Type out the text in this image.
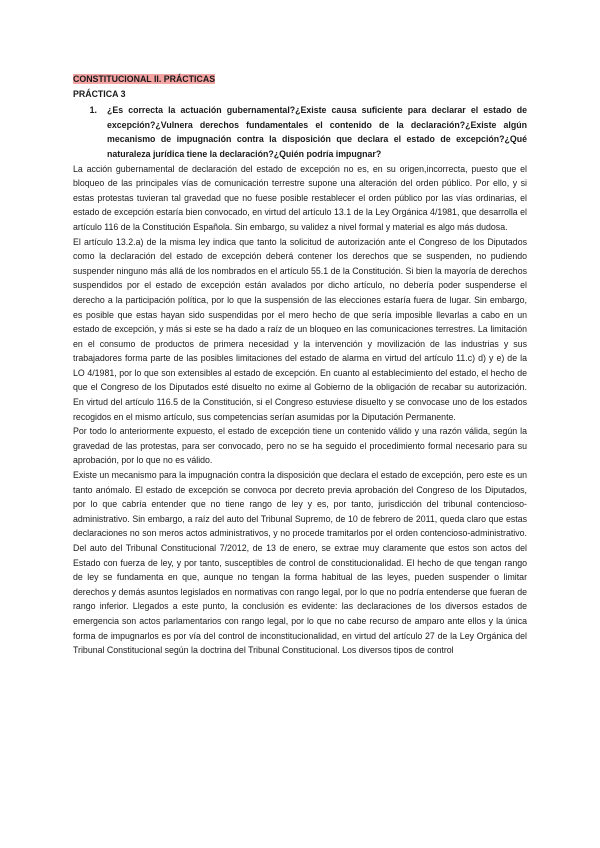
CONSTITUCIONAL II. PRÁCTICAS
PRÁCTICA 3
1.	¿Es correcta la actuación gubernamental?¿Existe causa suficiente para declarar el estado de excepción?¿Vulnera derechos fundamentales el contenido de la declaración?¿Existe algún mecanismo de impugnación contra la disposición que declara el estado de excepción?¿Qué naturaleza jurídica tiene la declaración?¿Quién podría impugnar?

La acción gubernamental de declaración del estado de excepción no es, en su origen,incorrecta, puesto que el bloqueo de las principales vías de comunicación terrestre supone una alteración del orden público. Por ello, y si estas protestas tuvieran tal gravedad que no fuese posible restablecer el orden público por las vías ordinarias, el estado de excepción estaría bien convocado, en virtud del artículo 13.1 de la Ley Orgánica 4/1981, que desarrolla el artículo 116 de la Constitución Española. Sin embargo, su validez a nivel formal y material es algo más dudosa.

El artículo 13.2.a) de la misma ley indica que tanto la solicitud de autorización ante el Congreso de los Diputados como la declaración del estado de excepción deberá contener los derechos que se suspenden, no pudiendo suspender ninguno más allá de los nombrados en el artículo 55.1 de la Constitución. Si bien la mayoría de derechos suspendidos por el estado de excepción están avalados por dicho artículo, no debería poder suspenderse el derecho a la participación política, por lo que la suspensión de las elecciones estaría fuera de lugar. Sin embargo, es posible que estas hayan sido suspendidas por el mero hecho de que sería imposible llevarlas a cabo en un estado de excepción, y más si este se ha dado a raíz de un bloqueo en las comunicaciones terrestres. La limitación en el consumo de productos de primera necesidad y la intervención y movilización de las industrias y sus trabajadores forma parte de las posibles limitaciones del estado de alarma en virtud del artículo 11.c) d) y e) de la LO 4/1981, por lo que son extensibles al estado de excepción. En cuanto al establecimiento del estado, el hecho de que el Congreso de los Diputados esté disuelto no exime al Gobierno de la obligación de recabar su autorización. En virtud del artículo 116.5 de la Constitución, si el Congreso estuviese disuelto y se convocase uno de los estados recogidos en el mismo artículo, sus competencias serían asumidas por la Diputación Permanente.

Por todo lo anteriormente expuesto, el estado de excepción tiene un contenido válido y una razón válida, según la gravedad de las protestas, para ser convocado, pero no se ha seguido el procedimiento formal necesario para su aprobación, por lo que no es válido.

Existe un mecanismo para la impugnación contra la disposición que declara el estado de excepción, pero este es un tanto anómalo. El estado de excepción se convoca por decreto previa aprobación del Congreso de los Diputados, por lo que cabría entender que no tiene rango de ley y es, por tanto, jurisdicción del tribunal contencioso-administrativo. Sin embargo, a raíz del auto del Tribunal Supremo, de 10 de febrero de 2011, queda claro que estas declaraciones no son meros actos administrativos, y no procede tramitarlos por el orden contencioso-administrativo. Del auto del Tribunal Constitucional 7/2012, de 13 de enero, se extrae muy claramente que estos son actos del Estado con fuerza de ley, y por tanto, susceptibles de control de constitucionalidad. El hecho de que tengan rango de ley se fundamenta en que, aunque no tengan la forma habitual de las leyes, pueden suspender o limitar derechos y demás asuntos legislados en normativas con rango legal, por lo que no podría entenderse que fueran de rango inferior. Llegados a este punto, la conclusión es evidente: las declaraciones de los diversos estados de emergencia son actos parlamentarios con rango legal, por lo que no cabe recurso de amparo ante ellos y la única forma de impugnarlos es por vía del control de inconstitucionalidad, en virtud del artículo 27 de la Ley Orgánica del Tribunal Constitucional según la doctrina del Tribunal Constitucional. Los diversos tipos de control
